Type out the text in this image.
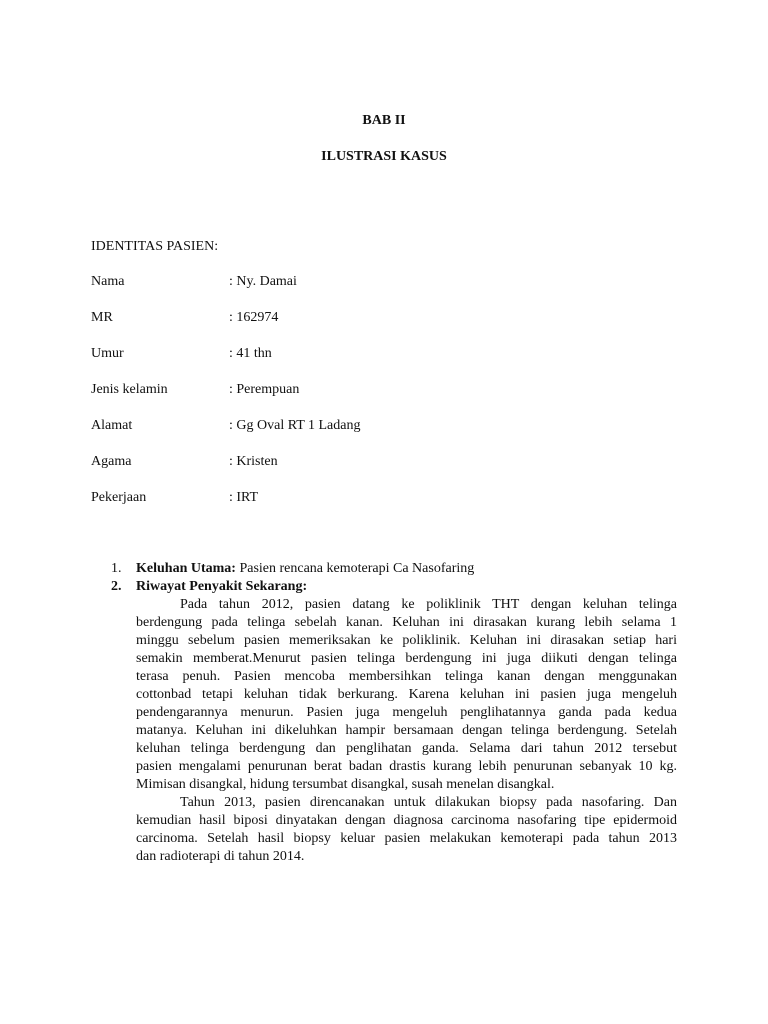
BAB II
ILUSTRASI KASUS
IDENTITAS PASIEN:
Nama	: Ny. Damai
MR	: 162974
Umur	: 41 thn
Jenis kelamin	: Perempuan
Alamat	: Gg Oval RT 1 Ladang
Agama	: Kristen
Pekerjaan	: IRT
1. Keluhan Utama: Pasien rencana kemoterapi Ca Nasofaring
2. Riwayat Penyakit Sekarang:
Pada tahun 2012, pasien datang ke poliklinik THT dengan keluhan telinga
berdengung pada telinga sebelah kanan. Keluhan ini dirasakan kurang lebih selama 1
minggu sebelum pasien memeriksakan ke poliklinik. Keluhan ini dirasakan setiap hari
semakin memberat.Menurut pasien telinga berdengung ini juga diikuti dengan telinga
terasa penuh. Pasien mencoba membersihkan telinga kanan dengan menggunakan
cottonbad tetapi keluhan tidak berkurang. Karena keluhan ini pasien juga mengeluh
pendengarannya menurun. Pasien juga mengeluh penglihatannya ganda pada kedua
matanya. Keluhan ini dikeluhkan hampir bersamaan dengan telinga berdengung. Setelah
keluhan telinga berdengung dan penglihatan ganda. Selama dari tahun 2012 tersebut
pasien mengalami penurunan berat badan drastis kurang lebih penurunan sebanyak 10 kg.
Mimisan disangkal, hidung tersumbat disangkal, susah menelan disangkal.
Tahun 2013, pasien direncanakan untuk dilakukan biopsy pada nasofaring. Dan
kemudian hasil biposi dinyatakan dengan diagnosa carcinoma nasofaring tipe epidermoid
carcinoma. Setelah hasil biopsy keluar pasien melakukan kemoterapi pada tahun 2013
dan radioterapi di tahun 2014.
